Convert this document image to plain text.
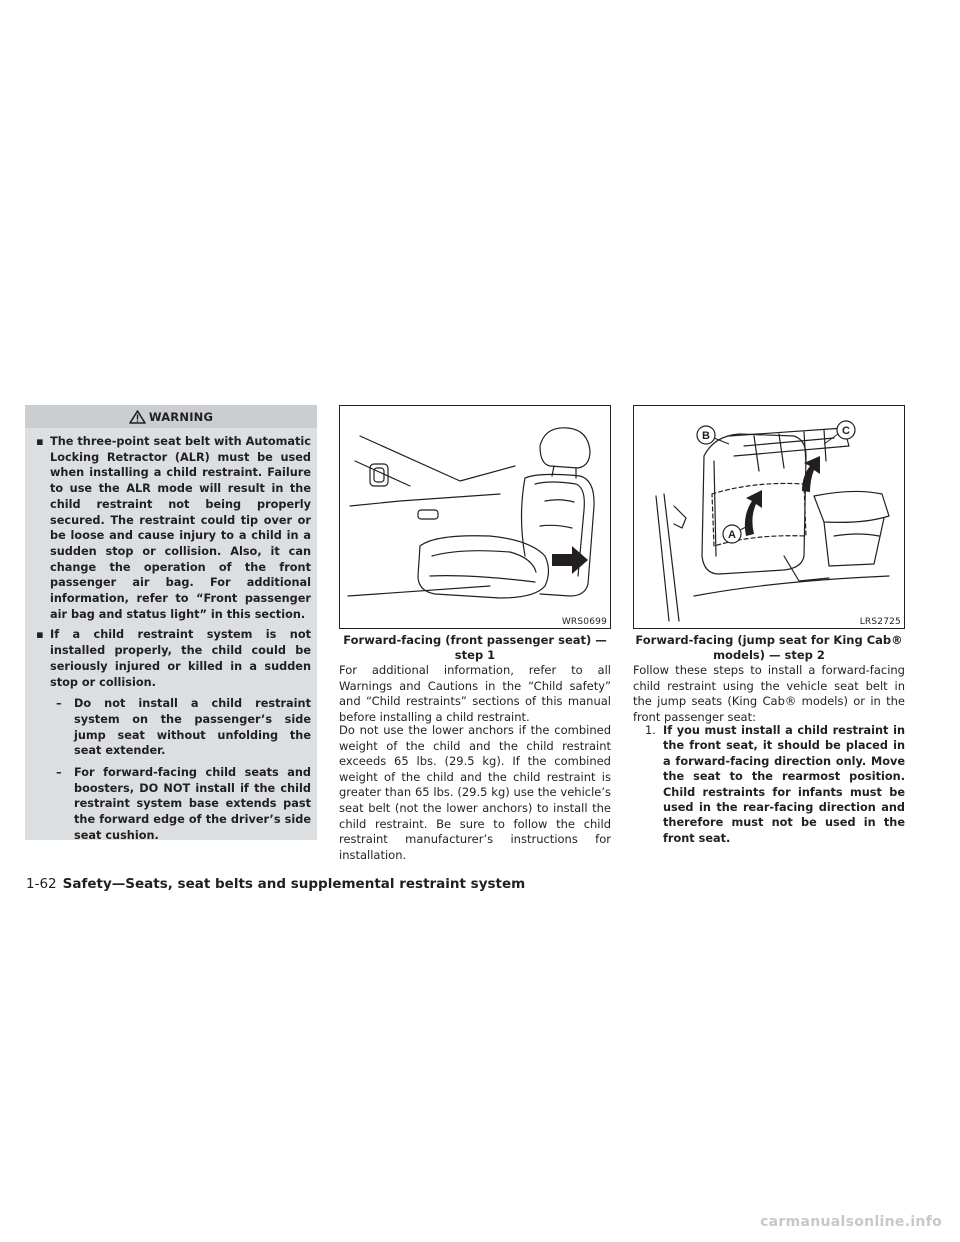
WARNING
▪ The three-point seat belt with Automatic Locking Retractor (ALR) must be used when installing a child restraint. Failure to use the ALR mode will result in the child restraint not being properly secured. The restraint could tip over or be loose and cause injury to a child in a sudden stop or collision. Also, it can change the operation of the front passenger air bag. For additional information, refer to “Front passenger air bag and status light” in this section.
▪ If a child restraint system is not installed properly, the child could be seriously injured or killed in a sudden stop or collision.
– Do not install a child restraint system on the passenger’s side jump seat without unfolding the seat extender.
– For forward-facing child seats and boosters, DO NOT install if the child restraint system base extends past the forward edge of the driver’s side seat cushion.
WRS0699
Forward-facing (front passenger seat) — step 1
A
B	C
LRS2725
Forward-facing (jump seat for King Cab® models) — step 2

For additional information, refer to all Warnings and Cautions in the “Child safety” and “Child restraints” sections of this manual before installing a child restraint.

Do not use the lower anchors if the combined weight of the child and the child restraint exceeds 65 lbs. (29.5 kg). If the combined weight of the child and the child restraint is greater than 65 lbs. (29.5 kg) use the vehicle’s seat belt (not the lower anchors) to install the child restraint. Be sure to follow the child restraint manufacturer’s instructions for installation.

Follow these steps to install a forward-facing child restraint using the vehicle seat belt in the jump seats (King Cab® models) or in the front passenger seat:

1. If you must install a child restraint in the front seat, it should be placed in a forward-facing direction only. Move the seat to the rearmost position. Child restraints for infants must be used in the rear-facing direction and therefore must not be used in the front seat.
1-62 Safety—Seats, seat belts and supplemental restraint system
carmanualsonline.info
